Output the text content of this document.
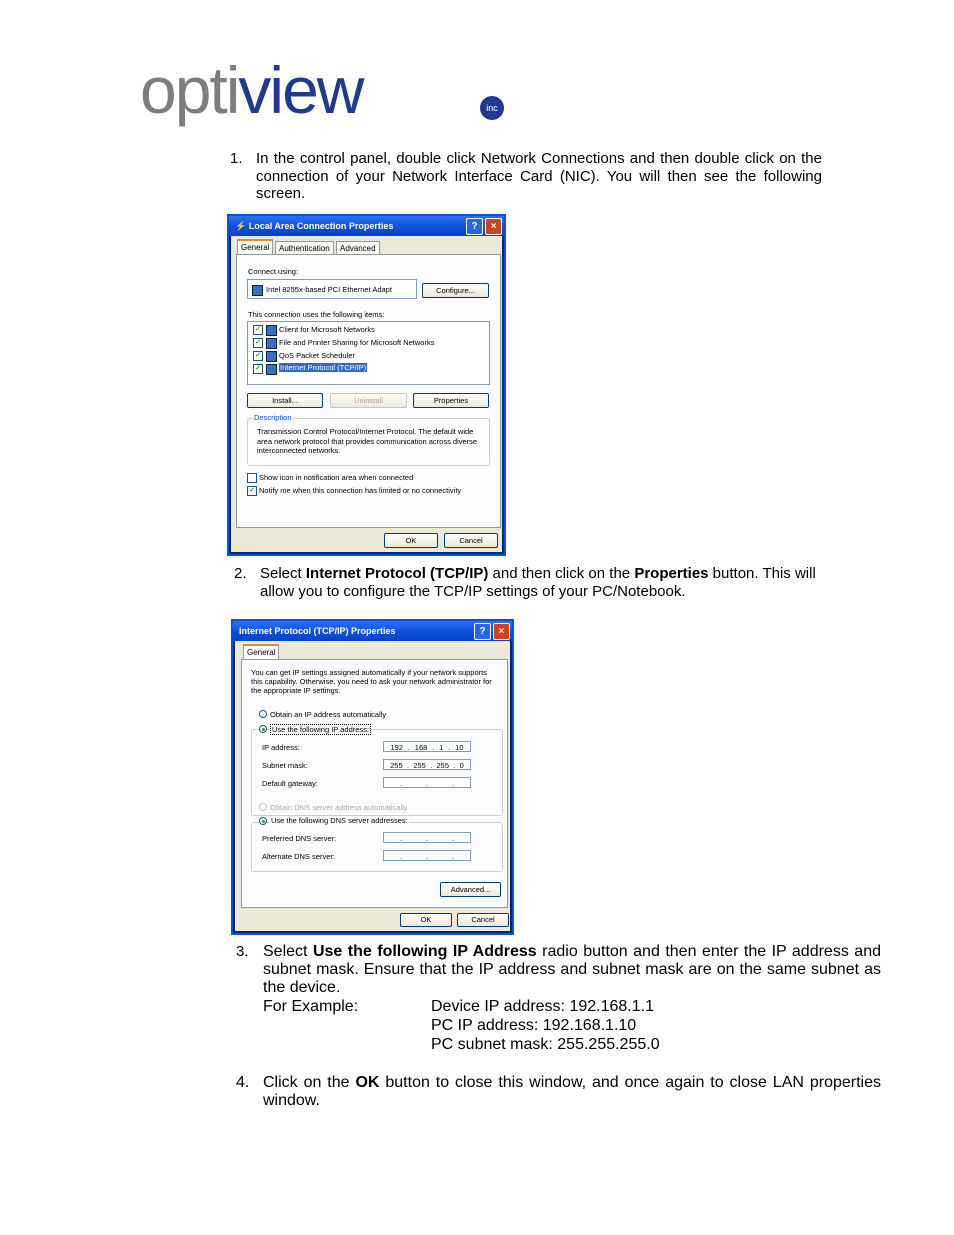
optiview	inc
1. In the control panel, double click Network Connections and then double click on the connection of your Network Interface Card (NIC). You will then see the following screen.
⚡ Local Area Connection Properties	?	×
General	Authentication	Advanced
Connect using:
Intel 8255x-based PCI Ethernet Adapt	Configure...
This connection uses the following items:
✓ Client for Microsoft Networks
✓ File and Printer Sharing for Microsoft Networks
✓ QoS Packet Scheduler
✓	Internet Protocol (TCP/IP)
Install...	Uninstall	Properties
Description
Transmission Control Protocol/Internet Protocol. The default wide area network protocol that provides communication across diverse interconnected networks.
Show icon in notification area when connected
✓ Notify me when this connection has limited or no connectivity
OK	Cancel
2. Select Internet Protocol (TCP/IP) and then click on the Properties button. This will allow you to configure the TCP/IP settings of your PC/Notebook.
Internet Protocol (TCP/IP) Properties	?	×
General
You can get IP settings assigned automatically if your network supports this capability. Otherwise, you need to ask your network administrator for the appropriate IP settings.
Obtain an IP address automatically
Use the following IP address:
IP address:	192 . 168 . 1 . 10
Subnet mask:	255 . 255 . 255 . 0
Default gateway:	.	.	.
Obtain DNS server address automatically
Use the following DNS server addresses:
Preferred DNS server:	.	.	.
Alternate DNS server:	.	.	.
Advanced...
OK	Cancel
3. Select Use the following IP Address radio button and then enter the IP address and subnet mask. Ensure that the IP address and subnet mask are on the same subnet as the device.
For Example:	Device IP address: 192.168.1.1
PC IP address: 192.168.1.10
PC subnet mask: 255.255.255.0
4. Click on the OK button to close this window, and once again to close LAN properties window.
